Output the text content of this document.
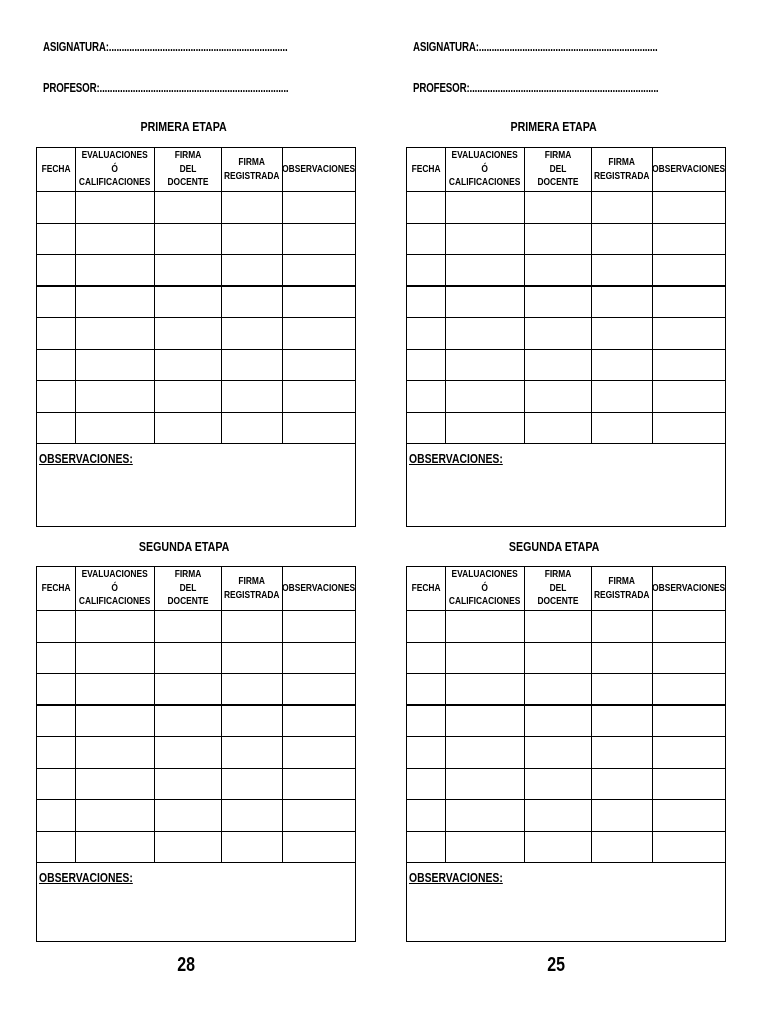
ASIGNATURA:......................................................................
PROFESOR:..........................................................................
PRIMERA ETAPA
FECHA
EVALUACIONES Ó
CALIFICACIONES
FIRMA
DEL DOCENTE
FIRMA
REGISTRADA
OBSERVACIONES
OBSERVACIONES:
SEGUNDA ETAPA
FECHA
EVALUACIONES Ó
CALIFICACIONES
FIRMA
DEL DOCENTE
FIRMA
REGISTRADA
OBSERVACIONES
OBSERVACIONES:
28
ASIGNATURA:......................................................................
PROFESOR:..........................................................................
PRIMERA ETAPA
FECHA
EVALUACIONES Ó
CALIFICACIONES
FIRMA
DEL DOCENTE
FIRMA
REGISTRADA
OBSERVACIONES
OBSERVACIONES:
SEGUNDA ETAPA
FECHA
EVALUACIONES Ó
CALIFICACIONES
FIRMA
DEL DOCENTE
FIRMA
REGISTRADA
OBSERVACIONES
OBSERVACIONES:
25
